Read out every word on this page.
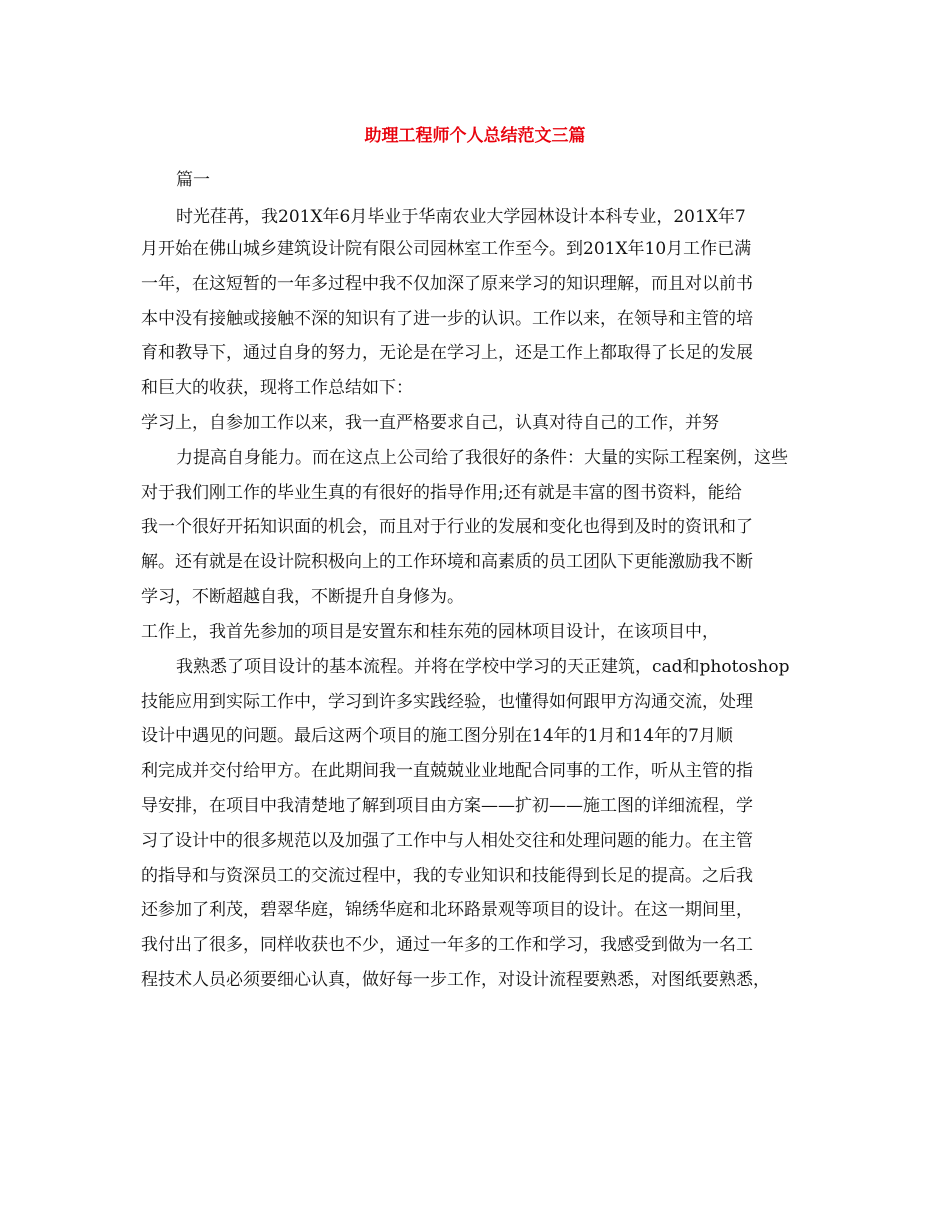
助理工程师个人总结范文三篇

篇一

时光荏苒，我201X年6月毕业于华南农业大学园林设计本科专业，201X年7

月开始在佛山城乡建筑设计院有限公司园林室工作至今。到201X年10月工作已满

一年，在这短暂的一年多过程中我不仅加深了原来学习的知识理解，而且对以前书

本中没有接触或接触不深的知识有了进一步的认识。工作以来，在领导和主管的培

育和教导下，通过自身的努力，无论是在学习上，还是工作上都取得了长足的发展

和巨大的收获，现将工作总结如下：

学习上，自参加工作以来，我一直严格要求自己，认真对待自己的工作，并努

力提高自身能力。而在这点上公司给了我很好的条件：大量的实际工程案例，这些

对于我们刚工作的毕业生真的有很好的指导作用;还有就是丰富的图书资料，能给

我一个很好开拓知识面的机会，而且对于行业的发展和变化也得到及时的资讯和了

解。还有就是在设计院积极向上的工作环境和高素质的员工团队下更能激励我不断

学习，不断超越自我，不断提升自身修为。

工作上，我首先参加的项目是安置东和桂东苑的园林项目设计，在该项目中，

我熟悉了项目设计的基本流程。并将在学校中学习的天正建筑，cad和photoshop

技能应用到实际工作中，学习到许多实践经验，也懂得如何跟甲方沟通交流，处理

设计中遇见的问题。最后这两个项目的施工图分别在14年的1月和14年的7月顺

利完成并交付给甲方。在此期间我一直兢兢业业地配合同事的工作，听从主管的指

导安排，在项目中我清楚地了解到项目由方案——扩初——施工图的详细流程，学

习了设计中的很多规范以及加强了工作中与人相处交往和处理问题的能力。在主管

的指导和与资深员工的交流过程中，我的专业知识和技能得到长足的提高。之后我

还参加了利茂，碧翠华庭，锦绣华庭和北环路景观等项目的设计。在这一期间里，

我付出了很多，同样收获也不少，通过一年多的工作和学习，我感受到做为一名工

程技术人员必须要细心认真，做好每一步工作，对设计流程要熟悉，对图纸要熟悉，
